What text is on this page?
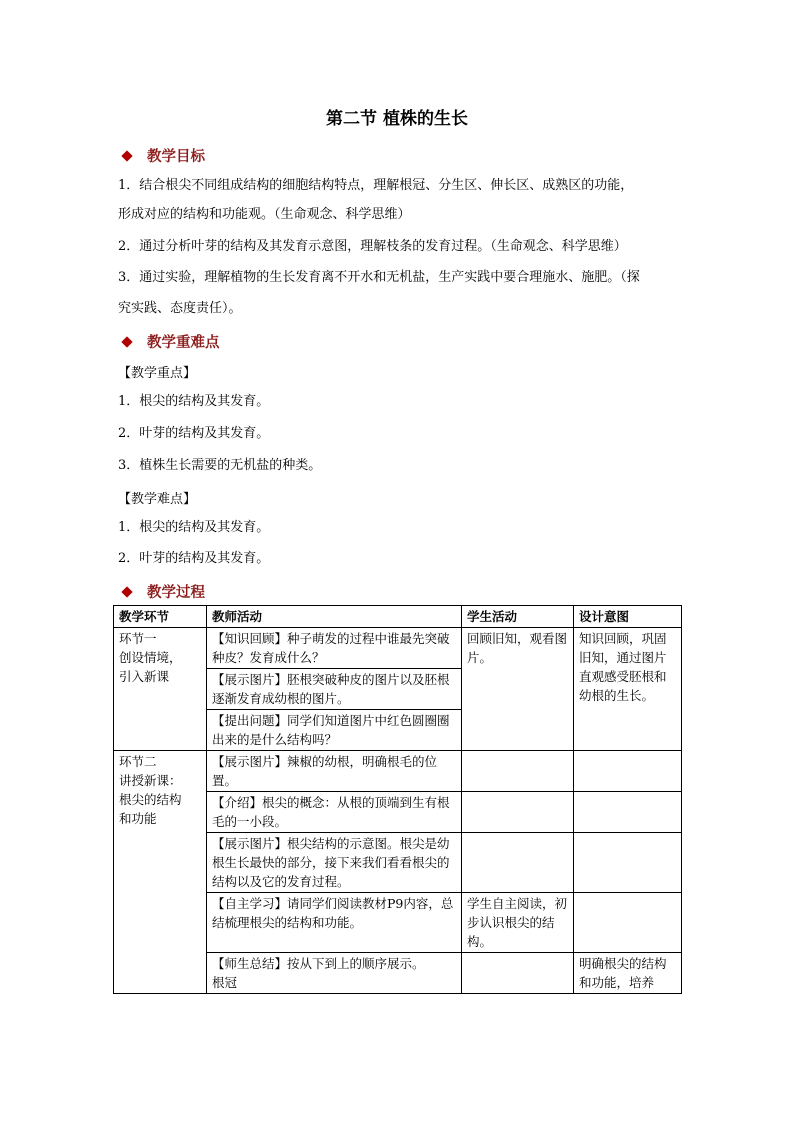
第二节 植株的生长
教学目标
1．结合根尖不同组成结构的细胞结构特点，理解根冠、分生区、伸长区、成熟区的功能，
形成对应的结构和功能观。（生命观念、科学思维）
2．通过分析叶芽的结构及其发育示意图，理解枝条的发育过程。（生命观念、科学思维）
3．通过实验，理解植物的生长发育离不开水和无机盐，生产实践中要合理施水、施肥。（探
究实践、态度责任）。
教学重难点
【教学重点】
1．根尖的结构及其发育。
2．叶芽的结构及其发育。
3．植株生长需要的无机盐的种类。
【教学难点】
1．根尖的结构及其发育。
2．叶芽的结构及其发育。
教学过程
教学环节	教师活动	学生活动	设计意图
环节一
创设情境，
引入新课	【知识回顾】种子萌发的过程中谁最先突破种皮？发育成什么？	回顾旧知，观看图片。	知识回顾，巩固旧知，通过图片直观感受胚根和幼根的生长。
	【展示图片】胚根突破种皮的图片以及胚根逐渐发育成幼根的图片。		
	【提出问题】同学们知道图片中红色圆圈圈出来的是什么结构吗？		
环节二
讲授新课：
根尖的结构
和功能	【展示图片】辣椒的幼根，明确根毛的位置。		
	【介绍】根尖的概念：从根的顶端到生有根毛的一小段。		
	【展示图片】根尖结构的示意图。根尖是幼根生长最快的部分，接下来我们看看根尖的结构以及它的发育过程。		
	【自主学习】请同学们阅读教材P9内容，总结梳理根尖的结构和功能。	学生自主阅读，初步认识根尖的结构。	
	【师生总结】按从下到上的顺序展示。
根冠		明确根尖的结构和功能，培养
